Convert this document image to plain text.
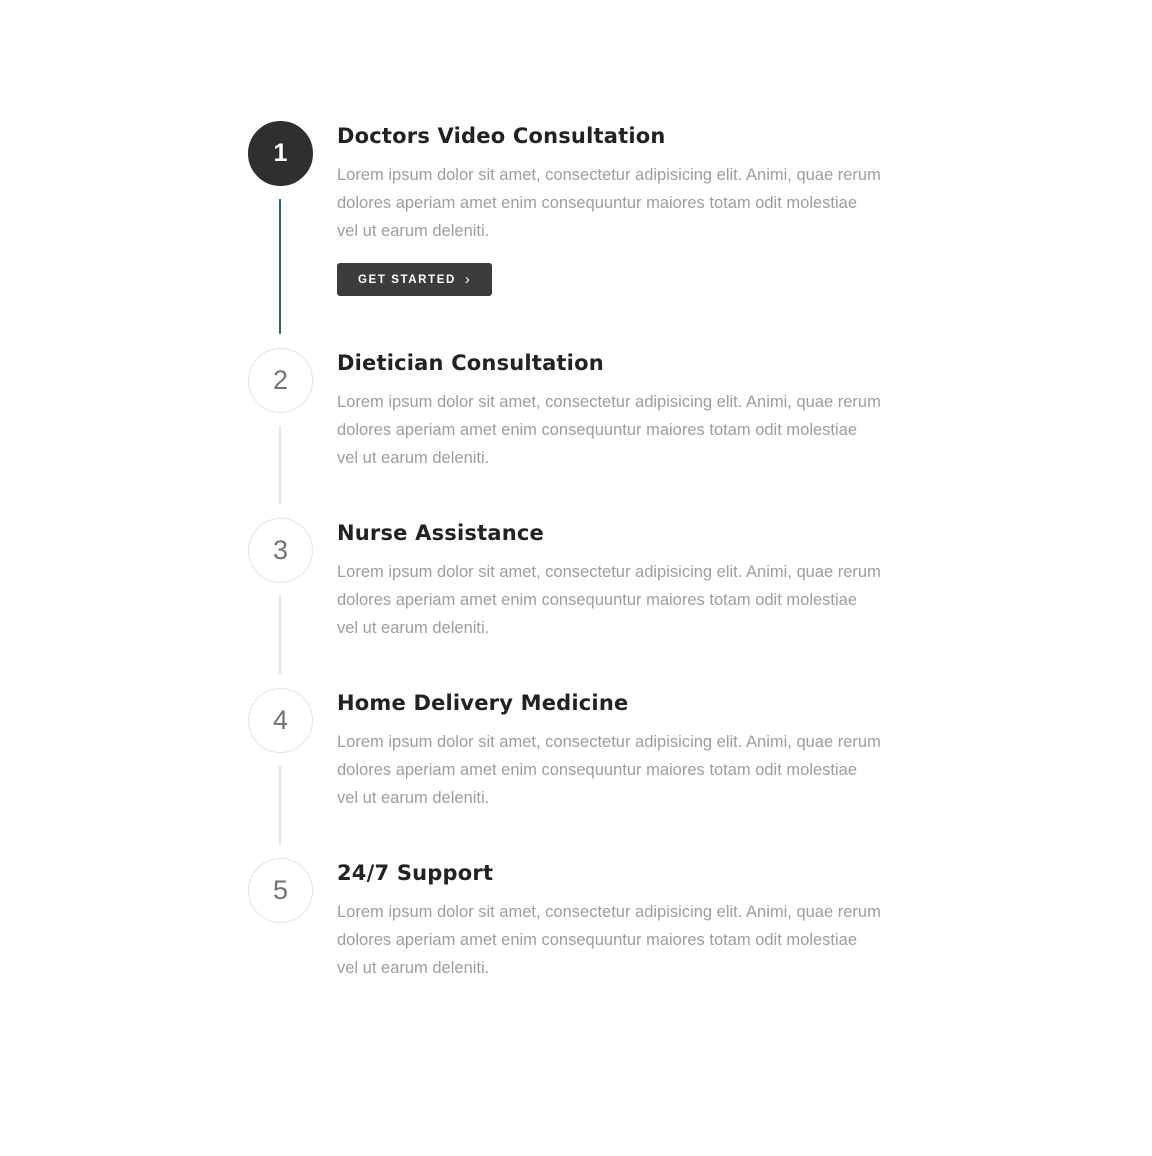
1
Doctors Video Consultation
Lorem ipsum dolor sit amet, consectetur adipisicing elit. Animi, quae rerum
dolores aperiam amet enim consequuntur maiores totam odit molestiae
vel ut earum deleniti.
GET STARTED ›
2
Dietician Consultation
Lorem ipsum dolor sit amet, consectetur adipisicing elit. Animi, quae rerum
dolores aperiam amet enim consequuntur maiores totam odit molestiae
vel ut earum deleniti.
3
Nurse Assistance
Lorem ipsum dolor sit amet, consectetur adipisicing elit. Animi, quae rerum
dolores aperiam amet enim consequuntur maiores totam odit molestiae
vel ut earum deleniti.
4
Home Delivery Medicine
Lorem ipsum dolor sit amet, consectetur adipisicing elit. Animi, quae rerum
dolores aperiam amet enim consequuntur maiores totam odit molestiae
vel ut earum deleniti.
5
24/7 Support
Lorem ipsum dolor sit amet, consectetur adipisicing elit. Animi, quae rerum
dolores aperiam amet enim consequuntur maiores totam odit molestiae
vel ut earum deleniti.
